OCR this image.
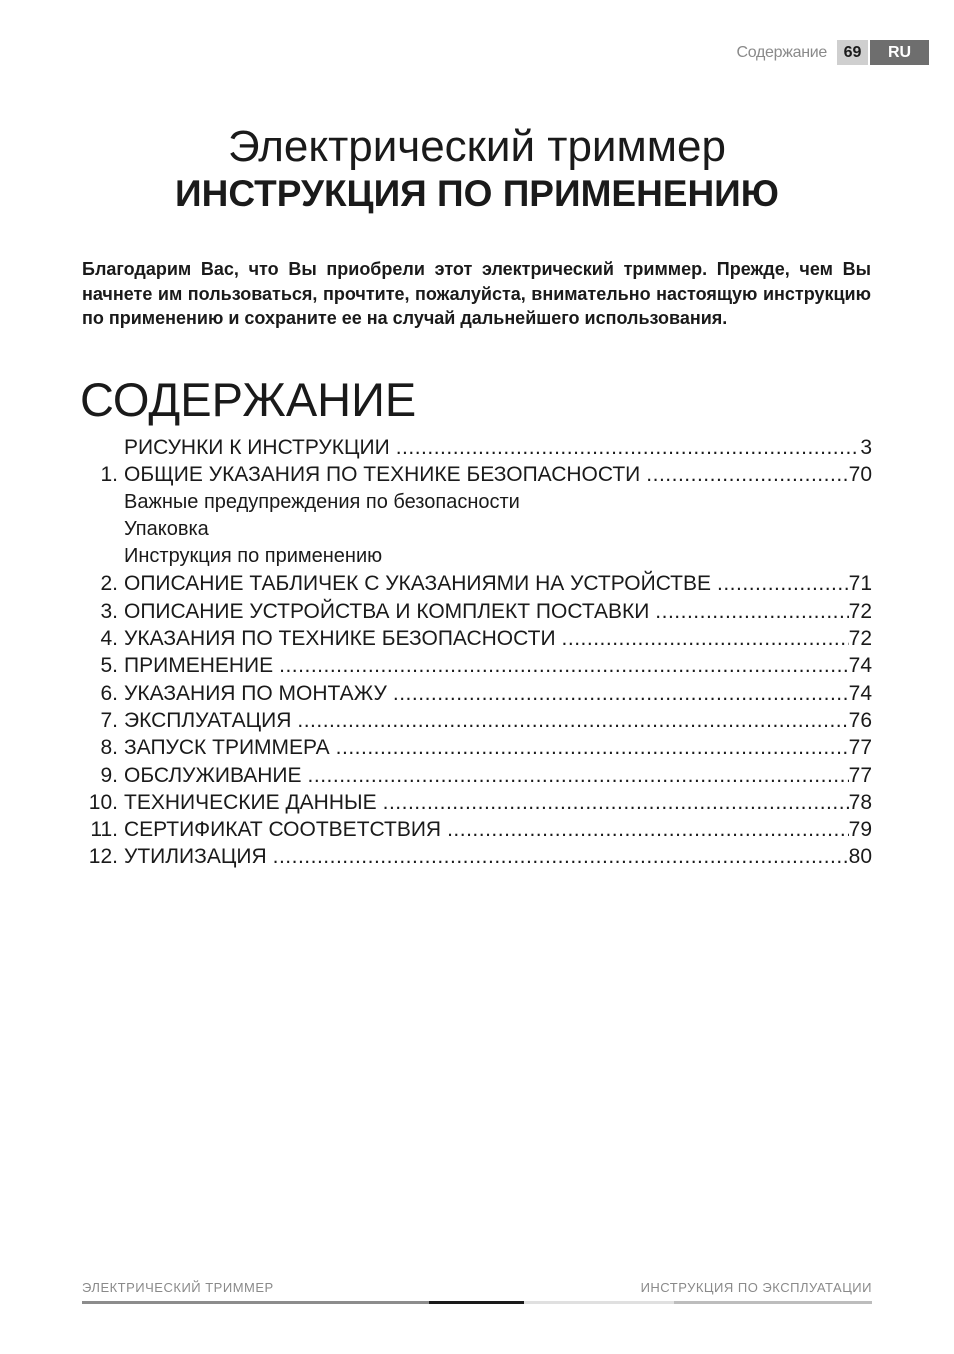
Содержание	69	RU
Электрический триммер
ИНСТРУКЦИЯ ПО ПРИМЕНЕНИЮ
Благодарим Вас, что Вы приобрели этот электрический триммер. Прежде, чем Вы начнете им пользоваться, прочтите, пожалуйста, внимательно настоящую инструкцию по применению и сохраните ее на случай дальнейшего использования.
СОДЕРЖАНИЕ
РИСУНКИ К ИНСТРУКЦИИ .....	3
1. ОБЩИЕ УКАЗАНИЯ ПО ТЕХНИКЕ БЕЗОПАСНОСТИ .....	70
Важные предупреждения по безопасности
Упаковка
Инструкция по применению
2. ОПИСАНИЕ ТАБЛИЧЕК С УКАЗАНИЯМИ НА УСТРОЙСТВЕ .....	71
3. ОПИСАНИЕ УСТРОЙСТВА И КОМПЛЕКТ ПОСТАВКИ .....	72
4. УКАЗАНИЯ ПО ТЕХНИКЕ БЕЗОПАСНОСТИ .....	72
5. ПРИМЕНЕНИЕ .....	74
6. УКАЗАНИЯ ПО МОНТАЖУ .....	74
7. ЭКСПЛУАТАЦИЯ .....	76
8. ЗАПУСК ТРИММЕРА .....	77
9. ОБСЛУЖИВАНИЕ .....	77
10. ТЕХНИЧЕСКИЕ ДАННЫЕ .....	78
11. СЕРТИФИКАТ СООТВЕТСТВИЯ .....	79
12. УТИЛИЗАЦИЯ .....	80
ЭЛЕКТРИЧЕСКИЙ ТРИММЕР	ИНСТРУКЦИЯ ПО ЭКСПЛУАТАЦИИ
